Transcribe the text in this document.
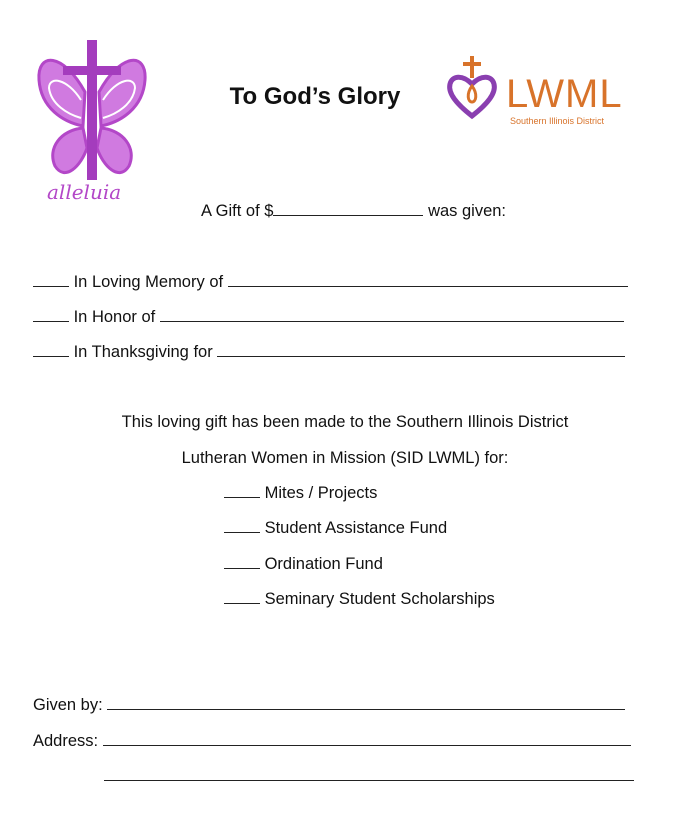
alleluia
To God’s Glory	LWML
Southern Illinois District
A Gift of $	was given:
In Loving Memory of
In Honor of
In Thanksgiving for
This loving gift has been made to the Southern Illinois District
Lutheran Women in Mission (SID LWML) for:
Mites / Projects
Student Assistance Fund
Ordination Fund
Seminary Student Scholarships
Given by:
Address:
